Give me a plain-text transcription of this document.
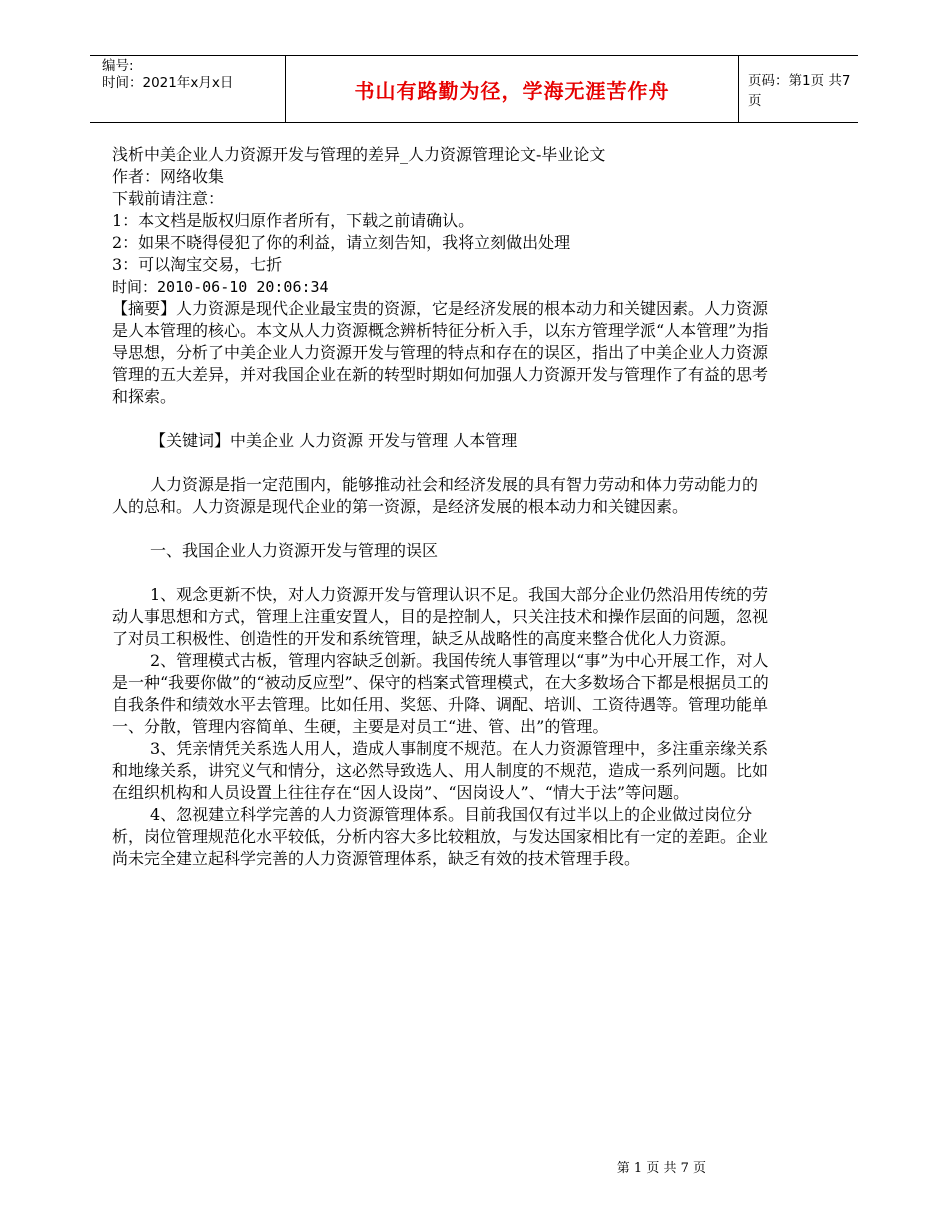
编号:
时间：2021年x月x日	书山有路勤为径，学海无涯苦作舟	页码：第1页 共7页

浅析中美企业人力资源开发与管理的差异_人力资源管理论文-毕业论文

作者：网络收集

下载前请注意：

1：本文档是版权归原作者所有，下载之前请确认。

2：如果不晓得侵犯了你的利益，请立刻告知，我将立刻做出处理

3：可以淘宝交易，七折

时间：2010-06-10 20:06:34

【摘要】人力资源是现代企业最宝贵的资源，它是经济发展的根本动力和关键因素。人力资源是人本管理的核心。本文从人力资源概念辨析特征分析入手，以东方管理学派“人本管理”为指导思想，分析了中美企业人力资源开发与管理的特点和存在的误区，指出了中美企业人力资源管理的五大差异，并对我国企业在新的转型时期如何加强人力资源开发与管理作了有益的思考和探索。

【关键词】中美企业 人力资源 开发与管理 人本管理

人力资源是指一定范围内，能够推动社会和经济发展的具有智力劳动和体力劳动能力的人的总和。人力资源是现代企业的第一资源，是经济发展的根本动力和关键因素。

一、我国企业人力资源开发与管理的误区

1、观念更新不快，对人力资源开发与管理认识不足。我国大部分企业仍然沿用传统的劳动人事思想和方式，管理上注重安置人，目的是控制人，只关注技术和操作层面的问题，忽视了对员工积极性、创造性的开发和系统管理，缺乏从战略性的高度来整合优化人力资源。

2、管理模式古板，管理内容缺乏创新。我国传统人事管理以“事”为中心开展工作，对人是一种“我要你做”的“被动反应型”、保守的档案式管理模式，在大多数场合下都是根据员工的自我条件和绩效水平去管理。比如任用、奖惩、升降、调配、培训、工资待遇等。管理功能单一、分散，管理内容简单、生硬，主要是对员工“进、管、出”的管理。

3、凭亲情凭关系选人用人，造成人事制度不规范。在人力资源管理中，多注重亲缘关系和地缘关系，讲究义气和情分，这必然导致选人、用人制度的不规范，造成一系列问题。比如在组织机构和人员设置上往往存在“因人设岗”、“因岗设人”、“情大于法”等问题。

4、忽视建立科学完善的人力资源管理体系。目前我国仅有过半以上的企业做过岗位分析，岗位管理规范化水平较低，分析内容大多比较粗放，与发达国家相比有一定的差距。企业尚未完全建立起科学完善的人力资源管理体系，缺乏有效的技术管理手段。

第 1 页 共 7 页
